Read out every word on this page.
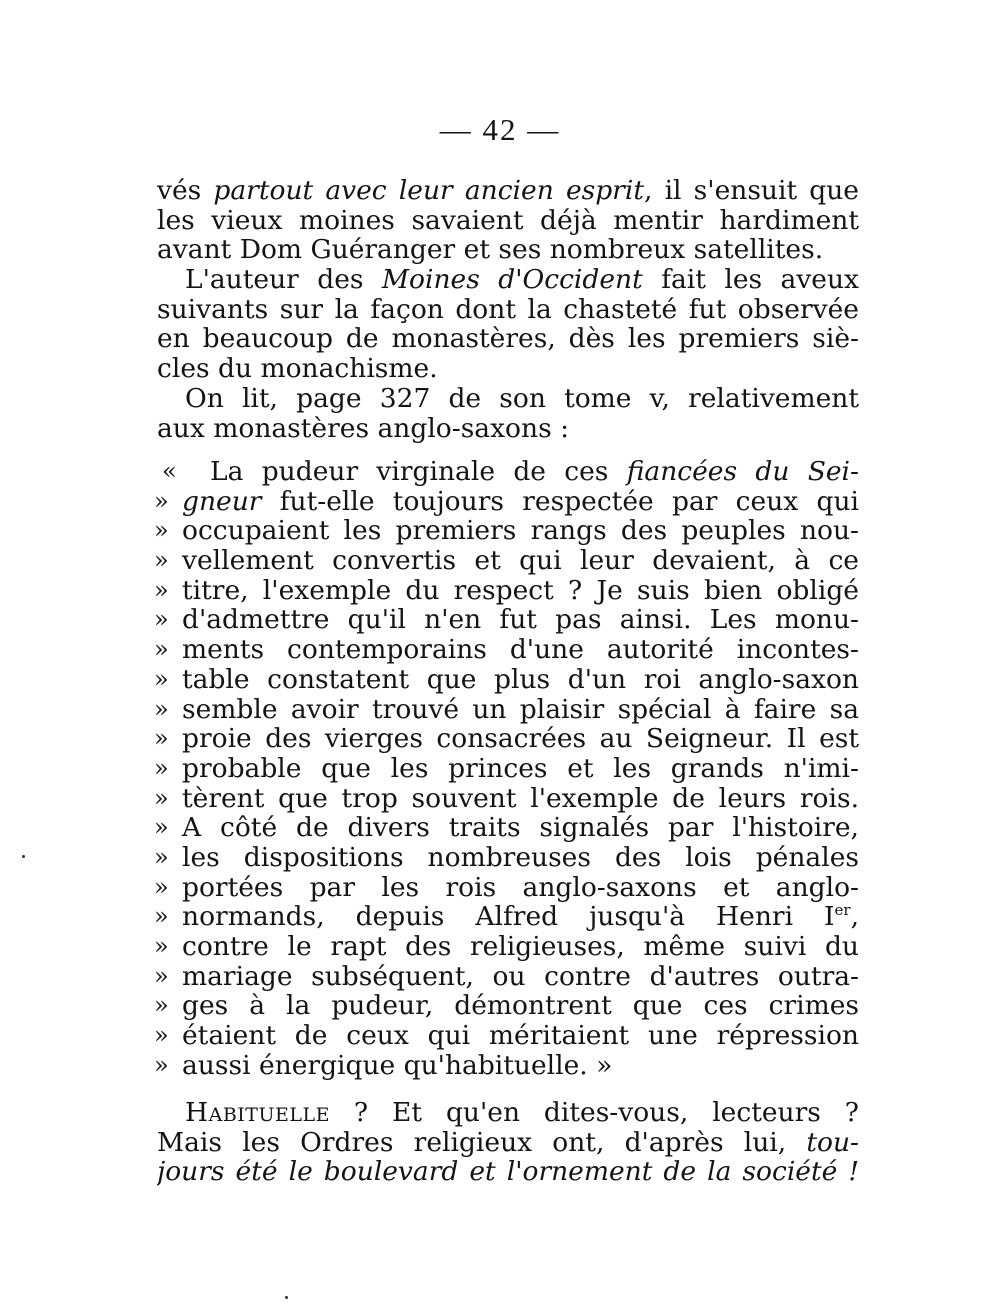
— 42 —
vés partout avec leur ancien esprit, il s'ensuit que
les vieux moines savaient déjà mentir hardiment
avant Dom Guéranger et ses nombreux satellites.
L'auteur des Moines d'Occident fait les aveux
suivants sur la façon dont la chasteté fut observée
en beaucoup de monastères, dès les premiers siè-
cles du monachisme.
On lit, page 327 de son tome v, relativement
aux monastères anglo-saxons :
« La pudeur virginale de ces fiancées du Sei-
» gneur fut-elle toujours respectée par ceux qui
» occupaient les premiers rangs des peuples nou-
» vellement convertis et qui leur devaient, à ce
» titre, l'exemple du respect ? Je suis bien obligé
» d'admettre qu'il n'en fut pas ainsi. Les monu-
» ments contemporains d'une autorité incontes-
» table constatent que plus d'un roi anglo-saxon
» semble avoir trouvé un plaisir spécial à faire sa
» proie des vierges consacrées au Seigneur. Il est
» probable que les princes et les grands n'imi-
» tèrent que trop souvent l'exemple de leurs rois.
» A côté de divers traits signalés par l'histoire,
» les dispositions nombreuses des lois pénales
» portées par les rois anglo-saxons et anglo-
» normands, depuis Alfred jusqu'à Henri Ier,
» contre le rapt des religieuses, même suivi du
» mariage subséquent, ou contre d'autres outra-
» ges à la pudeur, démontrent que ces crimes
» étaient de ceux qui méritaient une répression
» aussi énergique qu'habituelle. »
Habituelle ? Et qu'en dites-vous, lecteurs ?
Mais les Ordres religieux ont, d'après lui, tou-
jours été le boulevard et l'ornement de la société !
